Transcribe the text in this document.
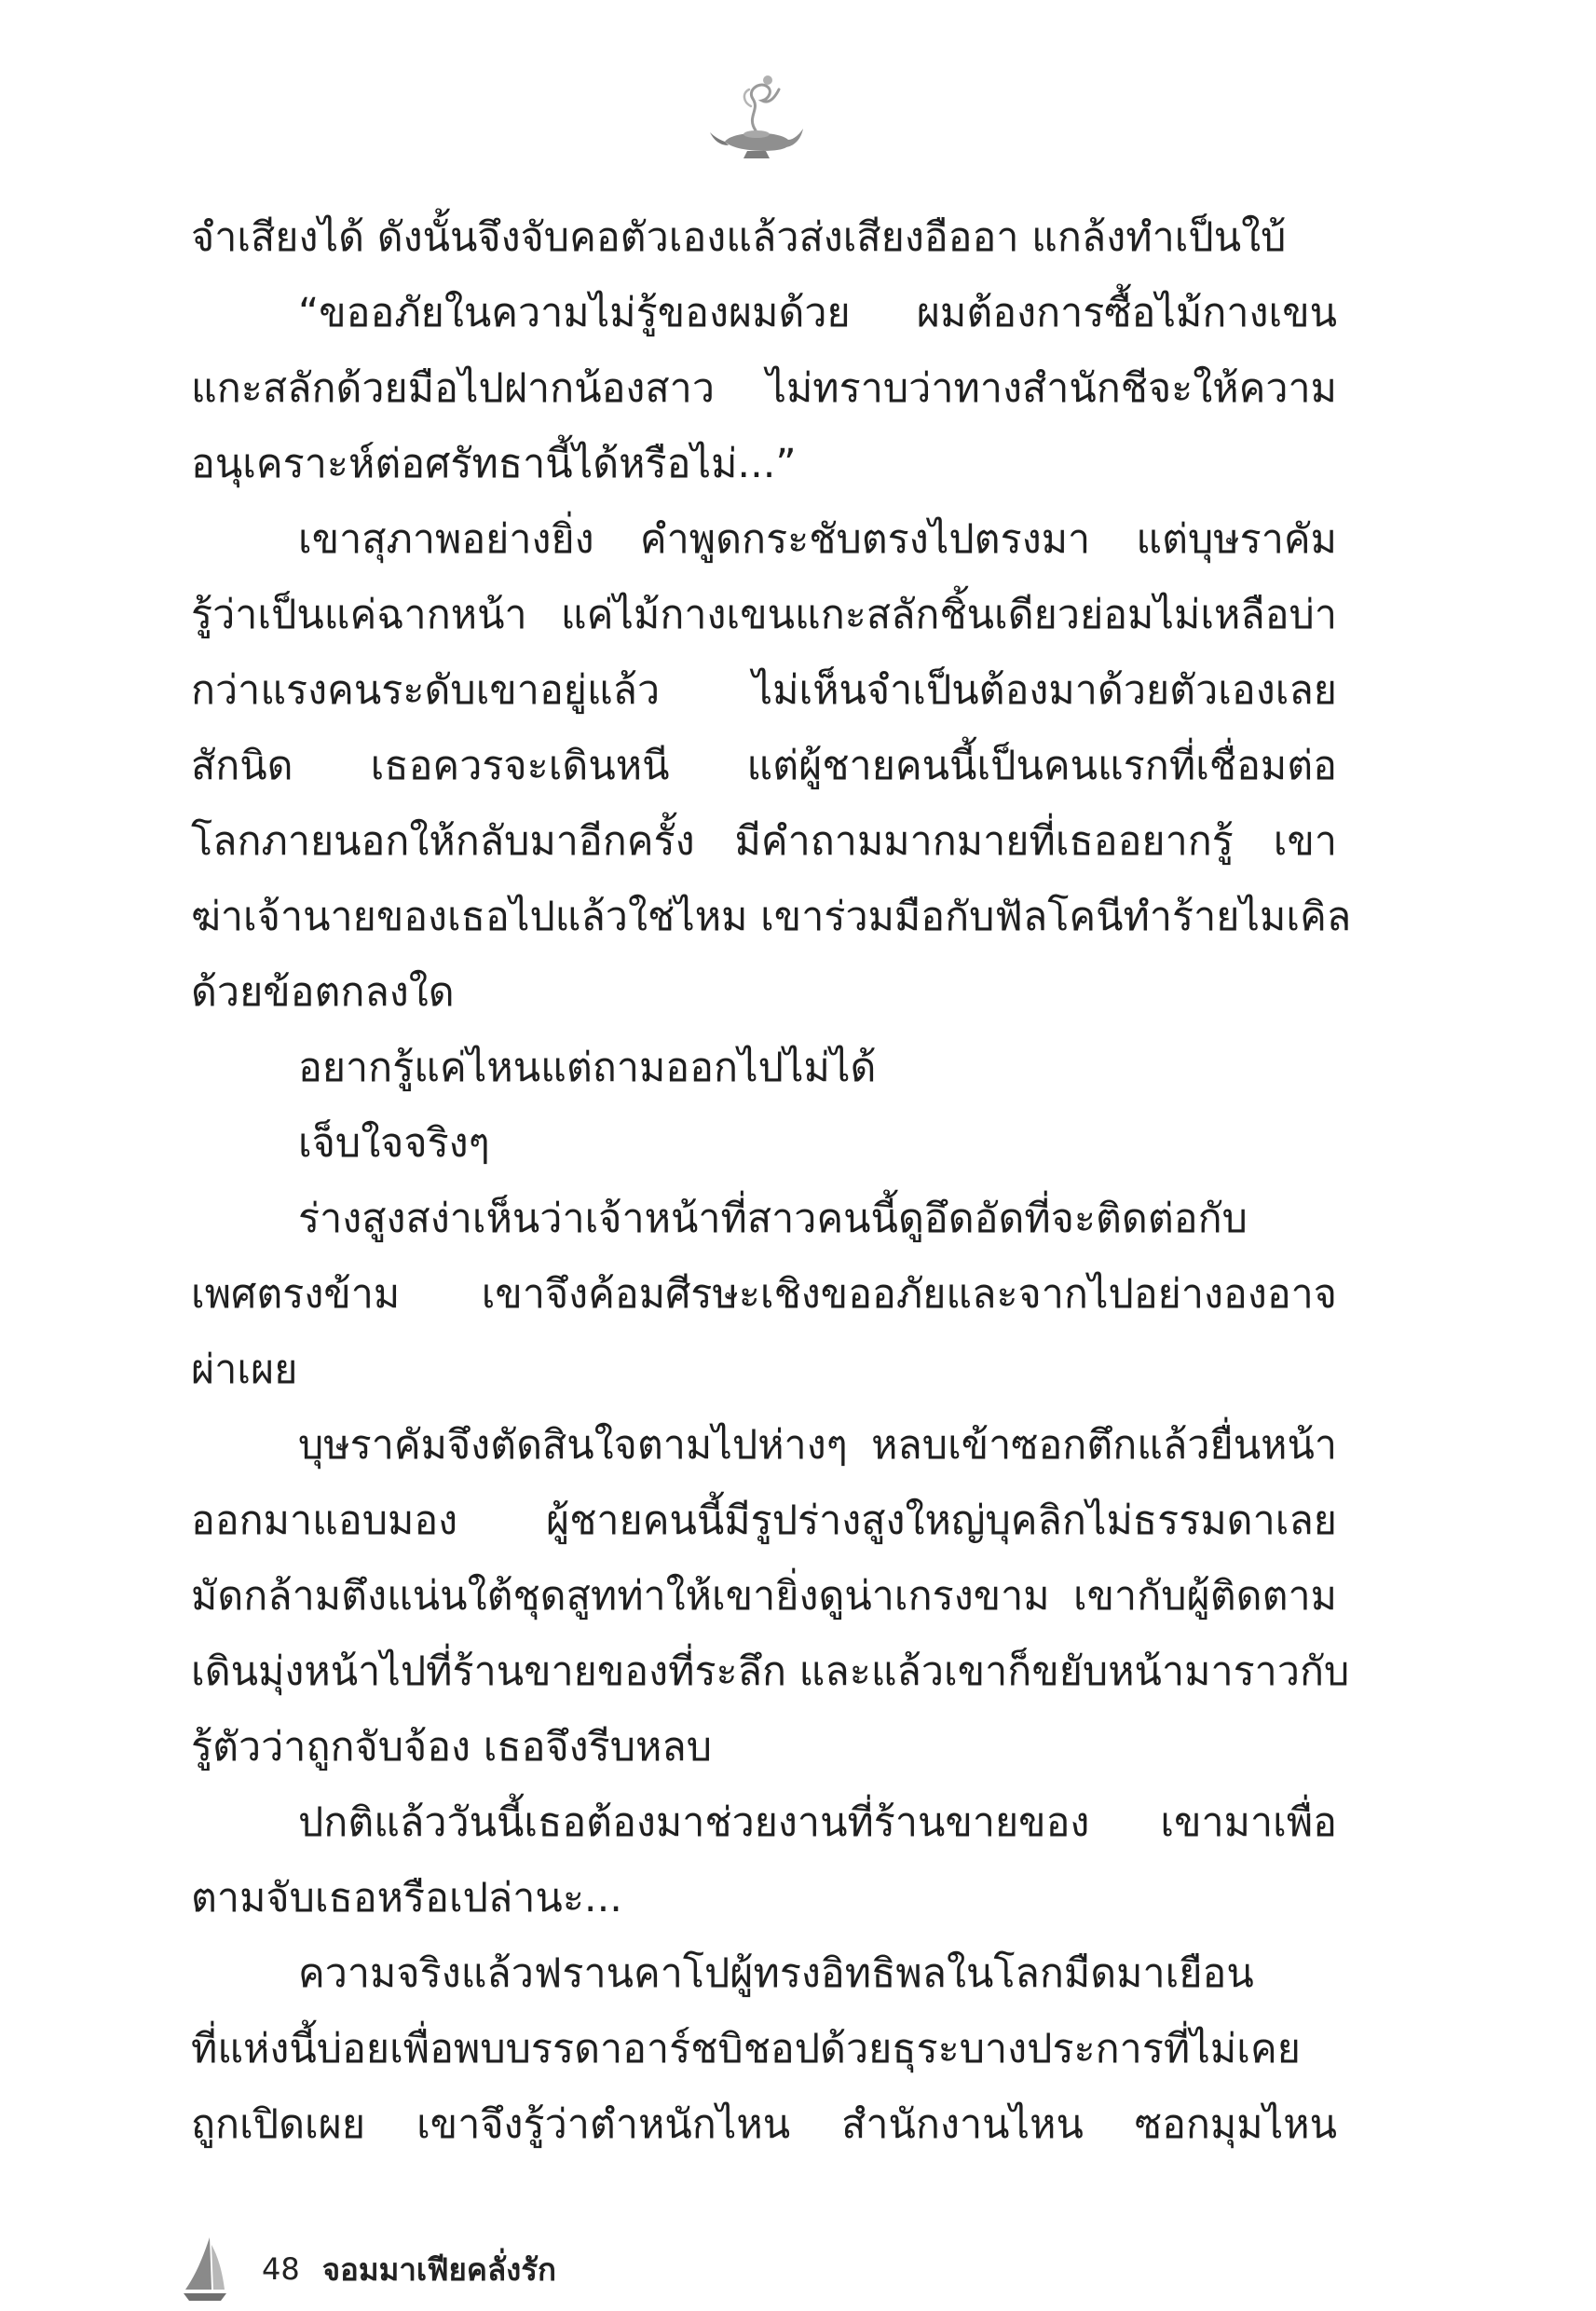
จำเสียงได้ ดังนั้นจึงจับคอตัวเองแล้วส่งเสียงอืออา แกล้งทำเป็นใบ้
“ขออภัยในความไม่รู้ของผมด้วย ผมต้องการซื้อไม้กางเขน
แกะสลักด้วยมือไปฝากน้องสาว ไม่ทราบว่าทางสำนักชีจะให้ความ
อนุเคราะห์ต่อศรัทธานี้ได้หรือไม่...”
เขาสุภาพอย่างยิ่ง คำพูดกระชับตรงไปตรงมา แต่บุษราคัม
รู้ว่าเป็นแค่ฉากหน้า แค่ไม้กางเขนแกะสลักชิ้นเดียวย่อมไม่เหลือบ่า
กว่าแรงคนระดับเขาอยู่แล้ว ไม่เห็นจำเป็นต้องมาด้วยตัวเองเลย
สักนิด เธอควรจะเดินหนี แต่ผู้ชายคนนี้เป็นคนแรกที่เชื่อมต่อ
โลกภายนอกให้กลับมาอีกครั้ง มีคำถามมากมายที่เธออยากรู้ เขา
ฆ่าเจ้านายของเธอไปแล้วใช่ไหม เขาร่วมมือกับฟัลโคนีทำร้ายไมเคิล
ด้วยข้อตกลงใด
อยากรู้แค่ไหนแต่ถามออกไปไม่ได้
เจ็บใจจริงๆ
ร่างสูงสง่าเห็นว่าเจ้าหน้าที่สาวคนนี้ดูอึดอัดที่จะติดต่อกับ
เพศตรงข้าม เขาจึงค้อมศีรษะเชิงขออภัยและจากไปอย่างองอาจ
ผ่าเผย
บุษราคัมจึงตัดสินใจตามไปห่างๆ หลบเข้าซอกตึกแล้วยื่นหน้า
ออกมาแอบมอง ผู้ชายคนนี้มีรูปร่างสูงใหญ่บุคลิกไม่ธรรมดาเลย
มัดกล้ามตึงแน่นใต้ชุดสูทท่าให้เขายิ่งดูน่าเกรงขาม เขากับผู้ติดตาม
เดินมุ่งหน้าไปที่ร้านขายของที่ระลึก และแล้วเขาก็ขยับหน้ามาราวกับ
รู้ตัวว่าถูกจับจ้อง เธอจึงรีบหลบ
ปกติแล้ววันนี้เธอต้องมาช่วยงานที่ร้านขายของ เขามาเพื่อ
ตามจับเธอหรือเปล่านะ...
ความจริงแล้วฟรานคาโปผู้ทรงอิทธิพลในโลกมืดมาเยือน
ที่แห่งนี้บ่อยเพื่อพบบรรดาอาร์ชบิชอปด้วยธุระบางประการที่ไม่เคย
ถูกเปิดเผย เขาจึงรู้ว่าตำหนักไหน สำนักงานไหน ซอกมุมไหน
48 จอมมาเฟียคลั่งรัก
